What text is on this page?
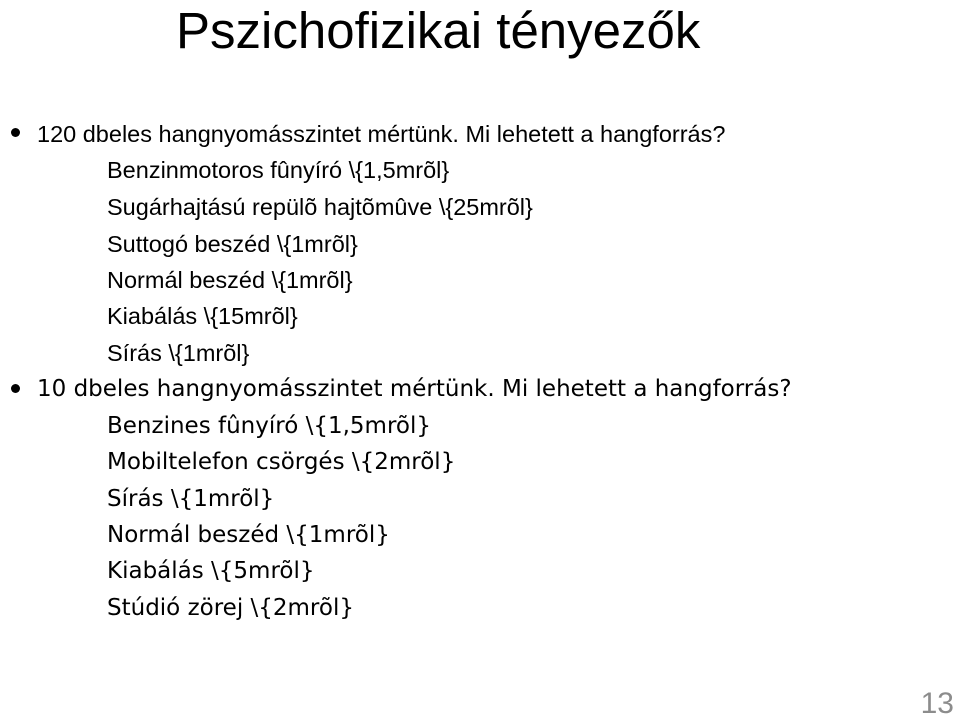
Pszichofizikai tényezők
120 dbeles hangnyomásszintet mértünk. Mi lehetett a hangforrás?
Benzinmotoros fûnyíró \{1,5mrõl}
Sugárhajtású repülõ hajtõmûve \{25mrõl}
Suttogó beszéd \{1mrõl}
Normál beszéd \{1mrõl}
Kiabálás \{15mrõl}
Sírás \{1mrõl}
10 dbeles hangnyomásszintet mértünk. Mi lehetett a hangforrás?
Benzines fûnyíró \{1,5mrõl}
Mobiltelefon csörgés \{2mrõl}
Sírás \{1mrõl}
Normál beszéd \{1mrõl}
Kiabálás \{5mrõl}
Stúdió zörej \{2mrõl}
13
